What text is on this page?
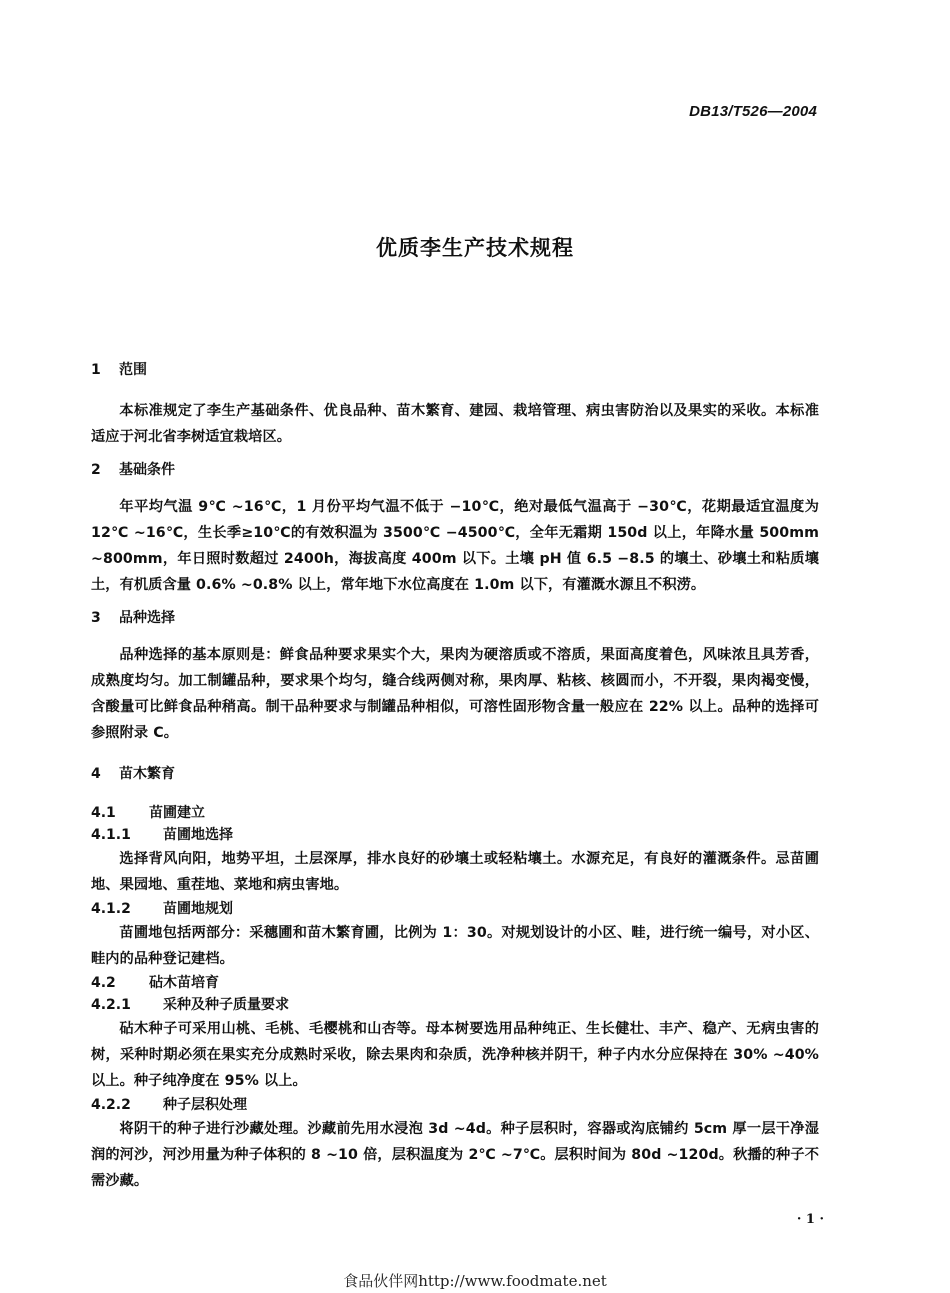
DB13/T526—2004
优质李生产技术规程
1 范围

本标准规定了李生产基础条件、优良品种、苗木繁育、建园、栽培管理、病虫害防治以及果实的采收。本标准适应于河北省李树适宜栽培区。

2 基础条件

年平均气温 9℃ ~16℃，1 月份平均气温不低于 −10℃，绝对最低气温高于 −30℃，花期最适宜温度为 12℃ ~16℃，生长季≥10℃的有效积温为 3500℃ −4500℃，全年无霜期 150d 以上，年降水量 500mm ~800mm，年日照时数超过 2400h，海拔高度 400m 以下。土壤 pH 值 6.5 −8.5 的壤土、砂壤土和粘质壤土，有机质含量 0.6% ~0.8% 以上，常年地下水位高度在 1.0m 以下，有灌溉水源且不积涝。

3 品种选择

品种选择的基本原则是：鲜食品种要求果实个大，果肉为硬溶质或不溶质，果面高度着色，风味浓且具芳香，成熟度均匀。加工制罐品种，要求果个均匀，缝合线两侧对称，果肉厚、粘核、核圆而小，不开裂，果肉褐变慢，含酸量可比鲜食品种稍高。制干品种要求与制罐品种相似，可溶性固形物含量一般应在 22% 以上。品种的选择可参照附录 C。

4 苗木繁育
4.1 苗圃建立
4.1.1 苗圃地选择

选择背风向阳，地势平坦，土层深厚，排水良好的砂壤土或轻粘壤土。水源充足，有良好的灌溉条件。忌苗圃地、果园地、重茬地、菜地和病虫害地。

4.1.2 苗圃地规划

苗圃地包括两部分：采穗圃和苗木繁育圃，比例为 1：30。对规划设计的小区、畦，进行统一编号，对小区、畦内的品种登记建档。

4.2 砧木苗培育
4.2.1 采种及种子质量要求

砧木种子可采用山桃、毛桃、毛樱桃和山杏等。母本树要选用品种纯正、生长健壮、丰产、稳产、无病虫害的树，采种时期必须在果实充分成熟时采收，除去果肉和杂质，洗净种核并阴干，种子内水分应保持在 30% ~40% 以上。种子纯净度在 95% 以上。

4.2.2 种子层积处理

将阴干的种子进行沙藏处理。沙藏前先用水浸泡 3d ~4d。种子层积时，容器或沟底铺约 5cm 厚一层干净湿润的河沙，河沙用量为种子体积的 8 ~10 倍，层积温度为 2℃ ~7℃。层积时间为 80d ~120d。秋播的种子不需沙藏。

· 1 ·
食品伙伴网http://www.foodmate.net
